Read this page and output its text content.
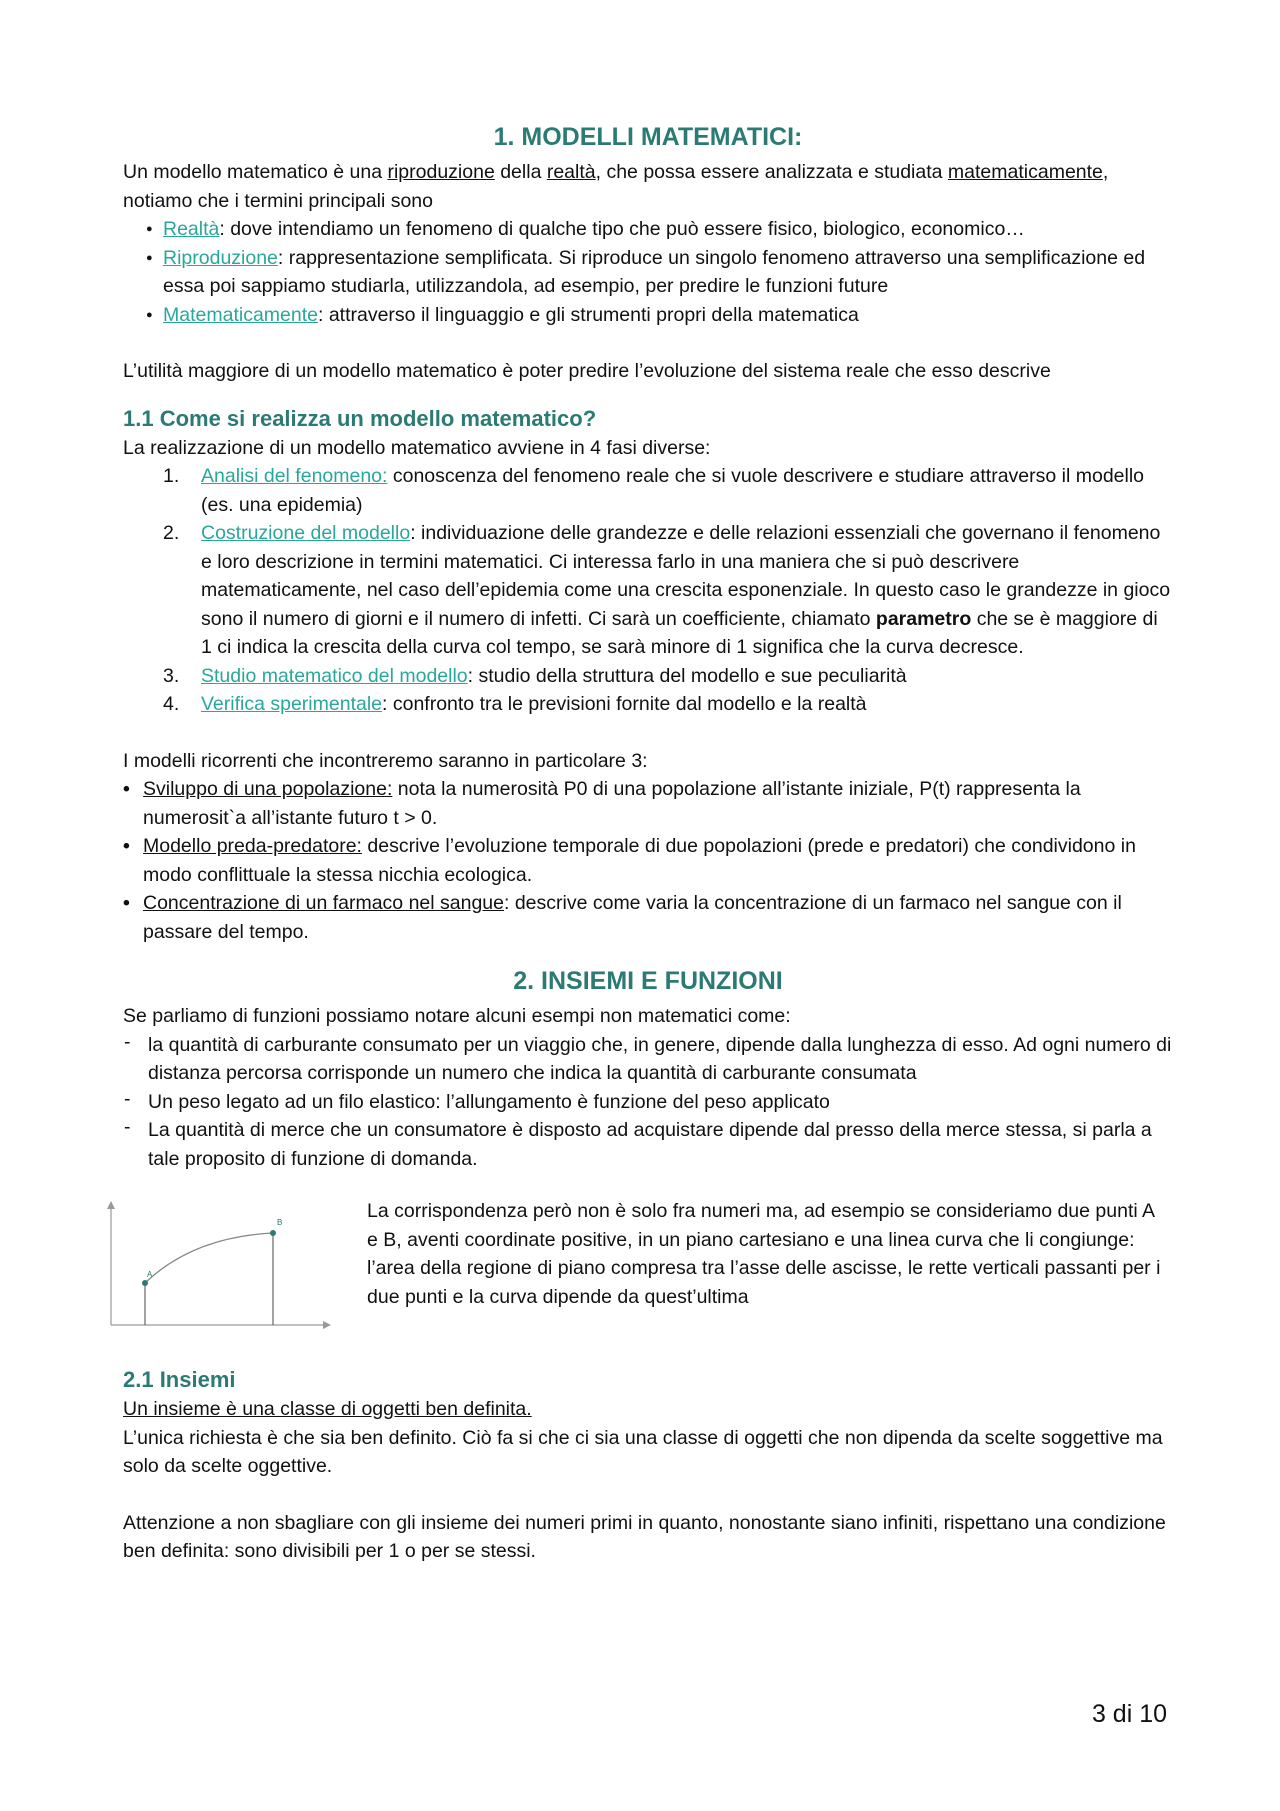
1. MODELLI MATEMATICI:

Un modello matematico è una riproduzione della realtà, che possa essere analizzata e studiata matematicamente, notiamo che i termini principali sono

● Realtà: dove intendiamo un fenomeno di qualche tipo che può essere fisico, biologico, economico…
● Riproduzione: rappresentazione semplificata. Si riproduce un singolo fenomeno attraverso una semplificazione ed essa poi sappiamo studiarla, utilizzandola, ad esempio, per predire le funzioni future
● Matematicamente: attraverso il linguaggio e gli strumenti propri della matematica

L’utilità maggiore di un modello matematico è poter predire l’evoluzione del sistema reale che esso descrive

1.1 Come si realizza un modello matematico?

La realizzazione di un modello matematico avviene in 4 fasi diverse:

1. Analisi del fenomeno: conoscenza del fenomeno reale che si vuole descrivere e studiare attraverso il modello (es. una epidemia)
2. Costruzione del modello: individuazione delle grandezze e delle relazioni essenziali che governano il fenomeno e loro descrizione in termini matematici. Ci interessa farlo in una maniera che si può descrivere matematicamente, nel caso dell’epidemia come una crescita esponenziale. In questo caso le grandezze in gioco sono il numero di giorni e il numero di infetti. Ci sarà un coefficiente, chiamato parametro che se è maggiore di 1 ci indica la crescita della curva col tempo, se sarà minore di 1 significa che la curva decresce.
3. Studio matematico del modello: studio della struttura del modello e sue peculiarità
4. Verifica sperimentale: confronto tra le previsioni fornite dal modello e la realtà

I modelli ricorrenti che incontreremo saranno in particolare 3:

• Sviluppo di una popolazione: nota la numerosità P0 di una popolazione all’istante iniziale, P(t) rappresenta la numerosit`a all’istante futuro t > 0.
• Modello preda-predatore: descrive l’evoluzione temporale di due popolazioni (prede e predatori) che condividono in modo conflittuale la stessa nicchia ecologica.
• Concentrazione di un farmaco nel sangue: descrive come varia la concentrazione di un farmaco nel sangue con il passare del tempo.
2. INSIEMI E FUNZIONI

Se parliamo di funzioni possiamo notare alcuni esempi non matematici come:

- la quantità di carburante consumato per un viaggio che, in genere, dipende dalla lunghezza di esso. Ad ogni numero di distanza percorsa corrisponde un numero che indica la quantità di carburante consumata
- Un peso legato ad un filo elastico: l’allungamento è funzione del peso applicato
- La quantità di merce che un consumatore è disposto ad acquistare dipende dal presso della merce stessa, si parla a tale proposito di funzione di domanda.
A
B

La corrispondenza però non è solo fra numeri ma, ad esempio se consideriamo due punti A e B, aventi coordinate positive, in un piano cartesiano e una linea curva che li congiunge: l’area della regione di piano compresa tra l’asse delle ascisse, le rette verticali passanti per i due punti e la curva dipende da quest’ultima

2.1 Insiemi

Un insieme è una classe di oggetti ben definita.

L’unica richiesta è che sia ben definito. Ciò fa si che ci sia una classe di oggetti che non dipenda da scelte soggettive ma solo da scelte oggettive.

Attenzione a non sbagliare con gli insieme dei numeri primi in quanto, nonostante siano infiniti, rispettano una condizione ben definita: sono divisibili per 1 o per se stessi.

3 di 10
